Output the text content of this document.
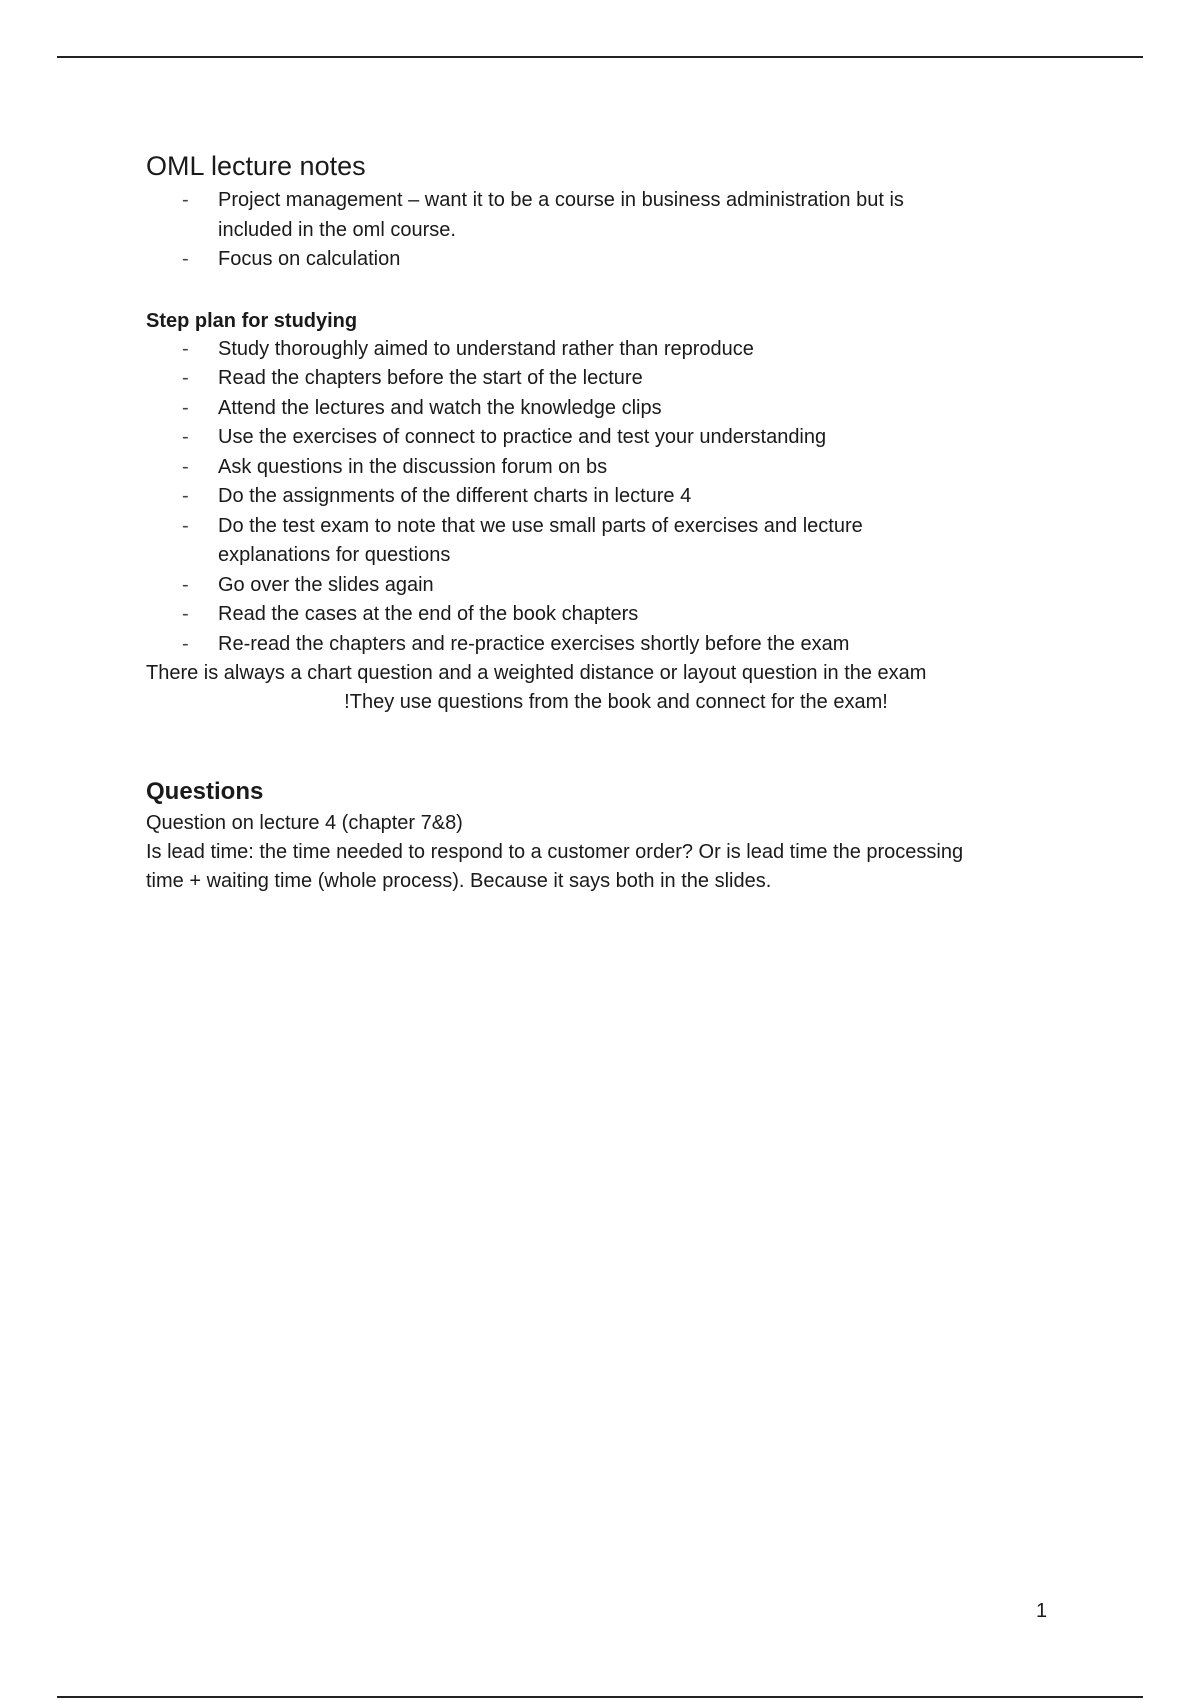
OML lecture notes
- Project management – want it to be a course in business administration but is
included in the oml course.
- Focus on calculation

Step plan for studying

- Study thoroughly aimed to understand rather than reproduce
- Read the chapters before the start of the lecture
- Attend the lectures and watch the knowledge clips
- Use the exercises of connect to practice and test your understanding
- Ask questions in the discussion forum on bs
- Do the assignments of the different charts in lecture 4
- Do the test exam to note that we use small parts of exercises and lecture
explanations for questions
- Go over the slides again
- Read the cases at the end of the book chapters
- Re-read the chapters and re-practice exercises shortly before the exam

There is always a chart question and a weighted distance or layout question in the exam

!They use questions from the book and connect for the exam!

Questions

Question on lecture 4 (chapter 7&8)

Is lead time: the time needed to respond to a customer order? Or is lead time the processing

time + waiting time (whole process). Because it says both in the slides.

1
